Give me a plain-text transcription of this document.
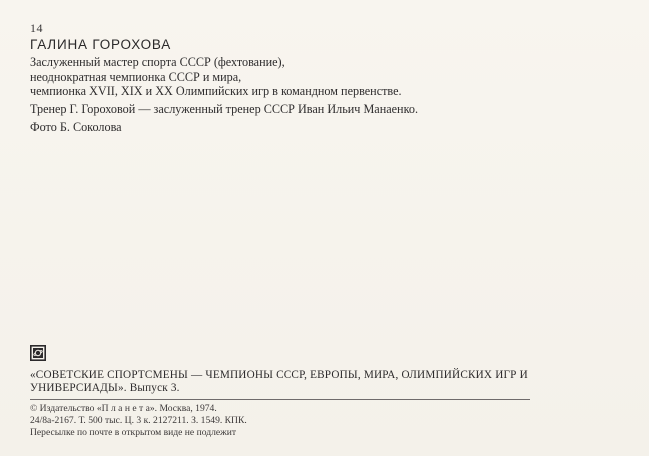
14
ГАЛИНА ГОРОХОВА
Заслуженный мастер спорта СССР (фехтование),
неоднократная чемпионка СССР и мира,
чемпионка XVII, XIX и XX Олимпийских игр в командном первенстве.
Тренер Г. Гороховой — заслуженный тренер СССР Иван Ильич Манаенко.
Фото Б. Соколова
«СОВЕТСКИЕ СПОРТСМЕНЫ — ЧЕМПИОНЫ СССР, ЕВРОПЫ, МИРА, ОЛИМПИЙСКИХ ИГР И
УНИВЕРСИАДЫ». Выпуск 3.
© Издательство «П л а н е т а». Москва, 1974.
24/8а-2167. Т. 500 тыс. Ц. 3 к. 2127211. З. 1549. КПК.
Пересылке по почте в открытом виде не подлежит
